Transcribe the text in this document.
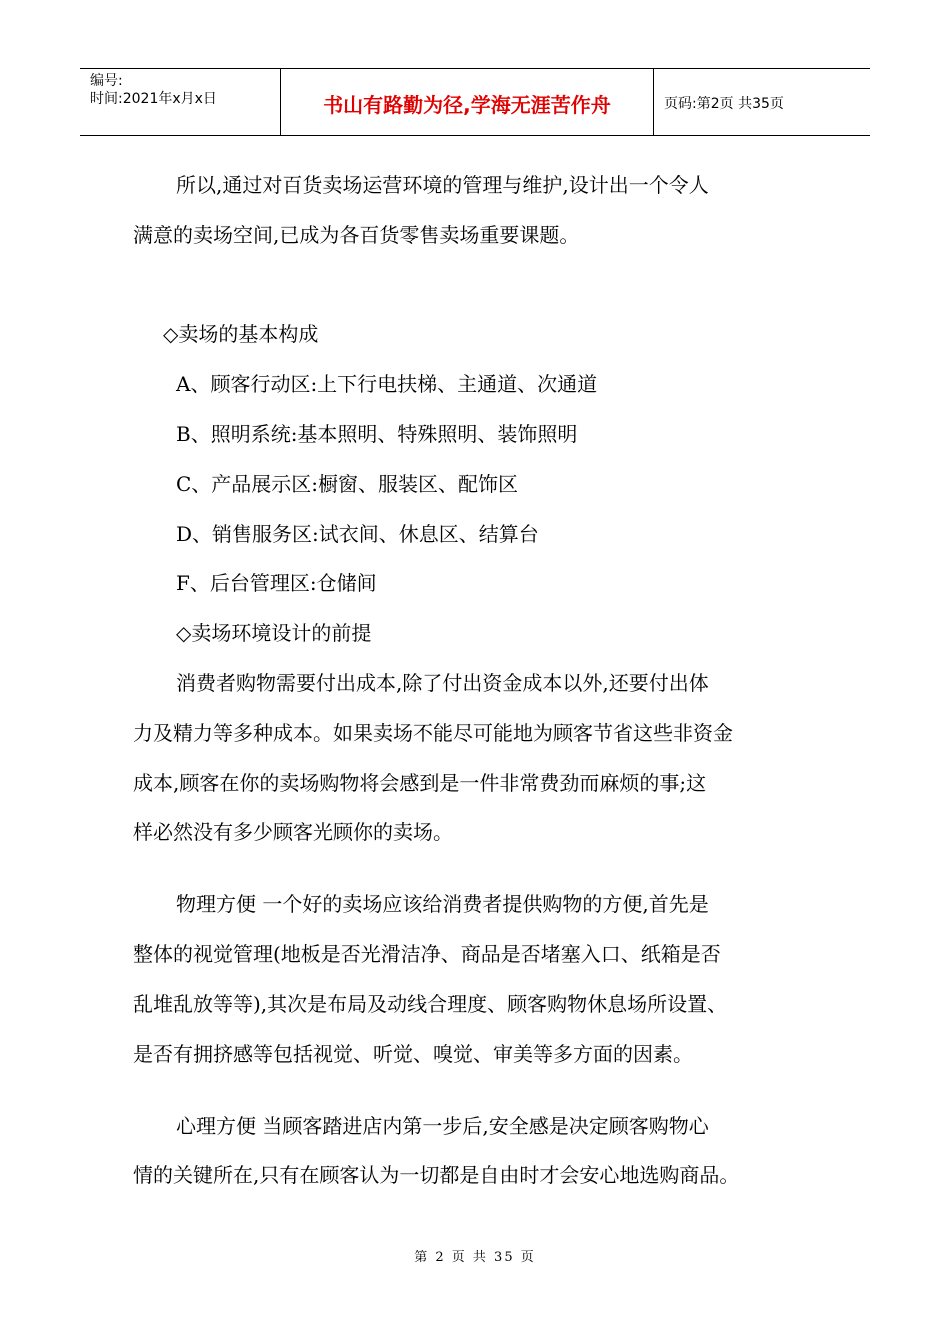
编号:
时间:2021年x月x日	书山有路勤为径,学海无涯苦作舟	页码:第2页 共35页
所以,通过对百货卖场运营环境的管理与维护,设计出一个令人
满意的卖场空间,已成为各百货零售卖场重要课题。
◇卖场的基本构成
A、顾客行动区:上下行电扶梯、主通道、次通道
B、照明系统:基本照明、特殊照明、装饰照明
C、产品展示区:橱窗、服装区、配饰区
D、销售服务区:试衣间、休息区、结算台
F、后台管理区:仓储间
◇卖场环境设计的前提
消费者购物需要付出成本,除了付出资金成本以外,还要付出体
力及精力等多种成本。如果卖场不能尽可能地为顾客节省这些非资金
成本,顾客在你的卖场购物将会感到是一件非常费劲而麻烦的事;这
样必然没有多少顾客光顾你的卖场。
物理方便 一个好的卖场应该给消费者提供购物的方便,首先是
整体的视觉管理(地板是否光滑洁净、商品是否堵塞入口、纸箱是否
乱堆乱放等等),其次是布局及动线合理度、顾客购物休息场所设置、
是否有拥挤感等包括视觉、听觉、嗅觉、审美等多方面的因素。
心理方便 当顾客踏进店内第一步后,安全感是决定顾客购物心
情的关键所在,只有在顾客认为一切都是自由时才会安心地选购商品。
第 2 页 共 35 页
